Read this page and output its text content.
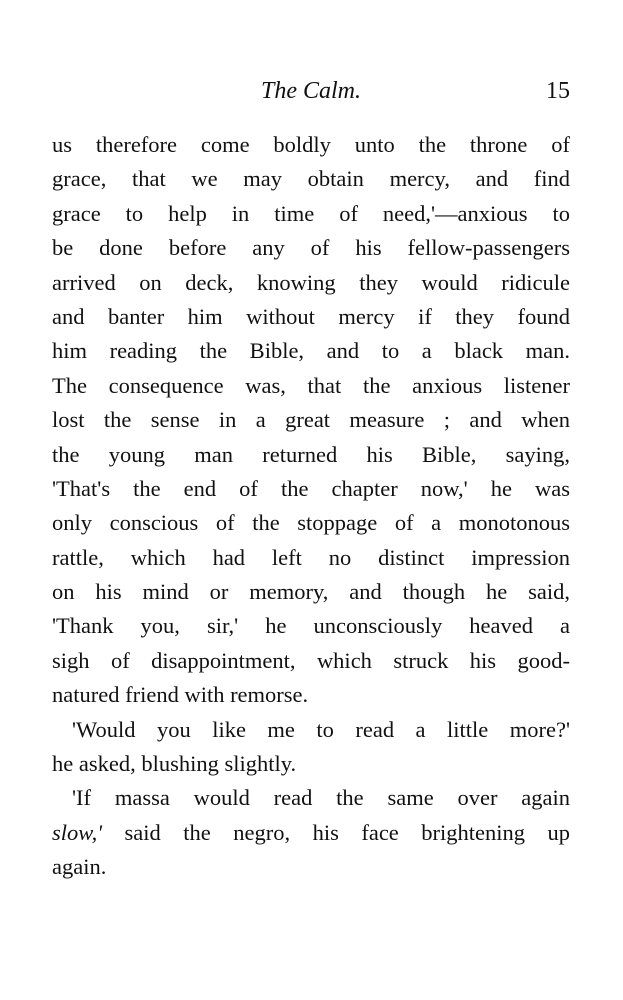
The Calm.	15
us therefore come boldly unto the throne of
grace, that we may obtain mercy, and find
grace to help in time of need,'—anxious to
be done before any of his fellow-passengers
arrived on deck, knowing they would ridicule
and banter him without mercy if they found
him reading the Bible, and to a black man.
The consequence was, that the anxious listener
lost the sense in a great measure ; and when
the young man returned his Bible, saying,
'That's the end of the chapter now,' he was
only conscious of the stoppage of a monotonous
rattle, which had left no distinct impression
on his mind or memory, and though he said,
'Thank you, sir,' he unconsciously heaved a
sigh of disappointment, which struck his good-
natured friend with remorse.
'Would you like me to read a little more?'
he asked, blushing slightly.
'If massa would read the same over again
slow,' said the negro, his face brightening up
again.
